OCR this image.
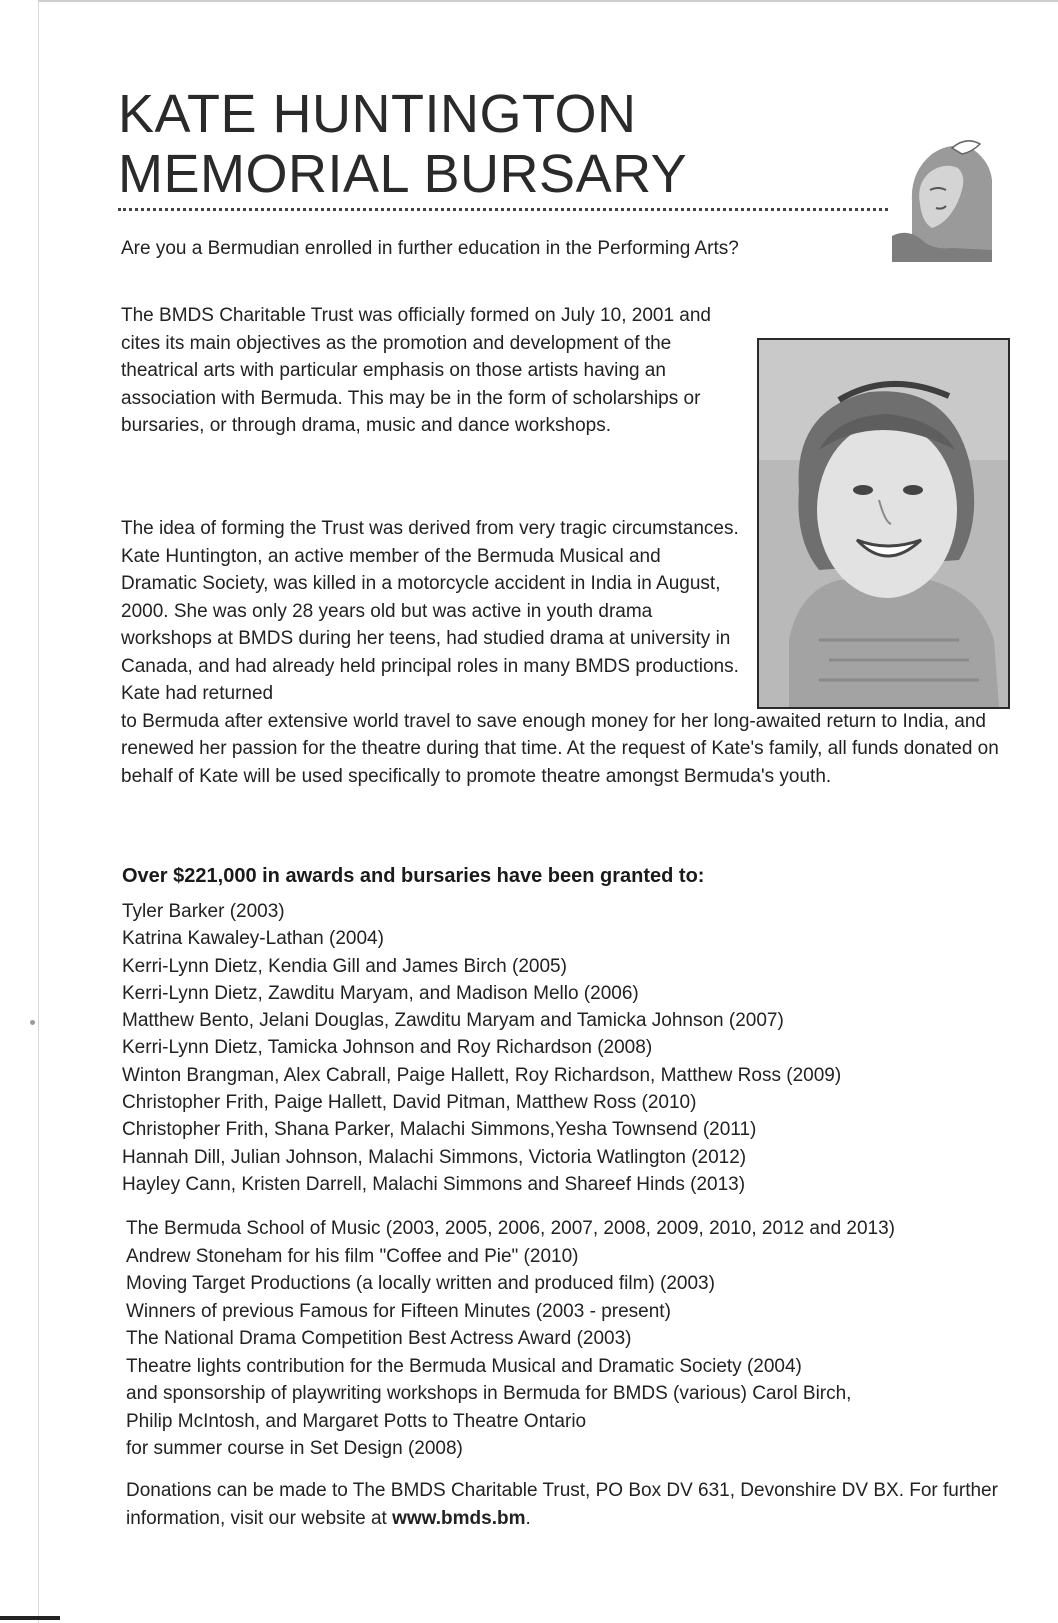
KATE HUNTINGTON
MEMORIAL BURSARY

Are you a Bermudian enrolled in further education in the Performing Arts?

The BMDS Charitable Trust was officially formed on July 10, 2001 and cites its main objectives as the promotion and development of the theatrical arts with particular emphasis on those artists having an association with Bermuda. This may be in the form of scholarships or bursaries, or through drama, music and dance workshops.

The idea of forming the Trust was derived from very tragic circumstances. Kate Huntington, an active member of the Bermuda Musical and Dramatic Society, was killed in a motorcycle accident in India in August, 2000. She was only 28 years old but was active in youth drama workshops at BMDS during her teens, had studied drama at university in Canada, and had already held principal roles in many BMDS productions. Kate had returned
to Bermuda after extensive world travel to save enough money for her long-awaited return to India, and renewed her passion for the theatre during that time. At the request of Kate's family, all funds donated on behalf of Kate will be used specifically to promote theatre amongst Bermuda's youth.

Over $221,000 in awards and bursaries have been granted to:

Tyler Barker (2003)
Katrina Kawaley-Lathan (2004)
Kerri-Lynn Dietz, Kendia Gill and James Birch (2005)
Kerri-Lynn Dietz, Zawditu Maryam, and Madison Mello (2006)
Matthew Bento, Jelani Douglas, Zawditu Maryam and Tamicka Johnson (2007)
Kerri-Lynn Dietz, Tamicka Johnson and Roy Richardson (2008)
Winton Brangman, Alex Cabrall, Paige Hallett, Roy Richardson, Matthew Ross (2009)
Christopher Frith, Paige Hallett, David Pitman, Matthew Ross (2010)
Christopher Frith, Shana Parker, Malachi Simmons,Yesha Townsend (2011)
Hannah Dill, Julian Johnson, Malachi Simmons, Victoria Watlington (2012)
Hayley Cann, Kristen Darrell, Malachi Simmons and Shareef Hinds (2013)
The Bermuda School of Music (2003, 2005, 2006, 2007, 2008, 2009, 2010, 2012 and 2013)
Andrew Stoneham for his film "Coffee and Pie" (2010)
Moving Target Productions (a locally written and produced film) (2003)
Winners of previous Famous for Fifteen Minutes (2003 - present)
The National Drama Competition Best Actress Award (2003)
Theatre lights contribution for the Bermuda Musical and Dramatic Society (2004)
and sponsorship of playwriting workshops in Bermuda for BMDS (various) Carol Birch,
Philip McIntosh, and Margaret Potts to Theatre Ontario
for summer course in Set Design (2008)

Donations can be made to The BMDS Charitable Trust, PO Box DV 631, Devonshire DV BX. For further information, visit our website at www.bmds.bm.
